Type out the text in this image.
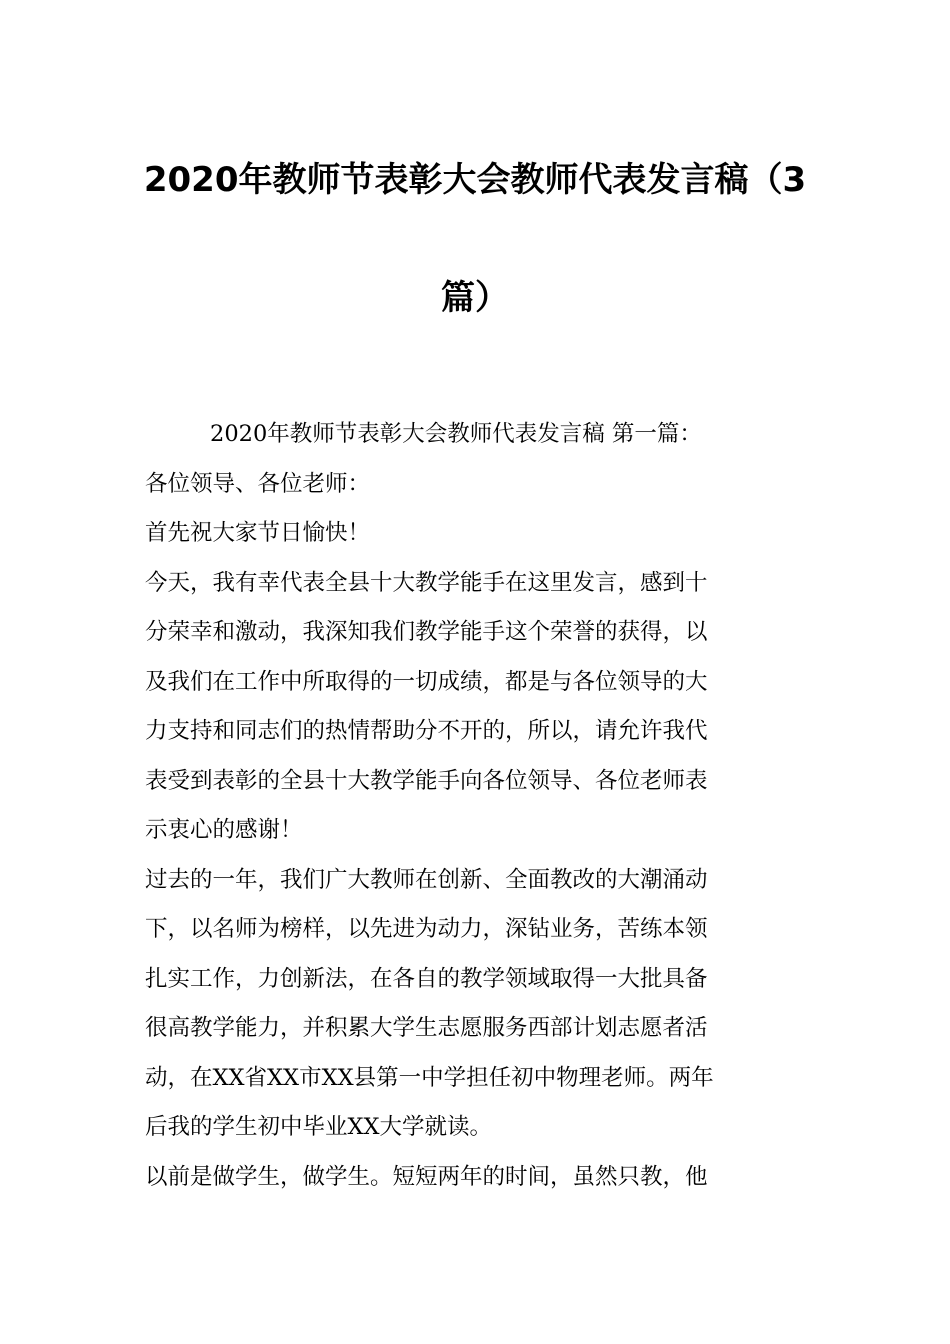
2020年教师节表彰大会教师代表发言稿（3
篇）
2020年教师节表彰大会教师代表发言稿 第一篇：
各位领导、各位老师：
首先祝大家节日愉快！
今天，我有幸代表全县十大教学能手在这里发言，感到十
分荣幸和激动，我深知我们教学能手这个荣誉的获得，以
及我们在工作中所取得的一切成绩，都是与各位领导的大
力支持和同志们的热情帮助分不开的，所以，请允许我代
表受到表彰的全县十大教学能手向各位领导、各位老师表
示衷心的感谢！
过去的一年，我们广大教师在创新、全面教改的大潮涌动
下，以名师为榜样，以先进为动力，深钻业务，苦练本领
扎实工作，力创新法，在各自的教学领域取得一大批具备
很高教学能力，并积累大学生志愿服务西部计划志愿者活
动，在XX省XX市XX县第一中学担任初中物理老师。两年
后我的学生初中毕业XX大学就读。
以前是做学生，做学生。短短两年的时间，虽然只教，他
